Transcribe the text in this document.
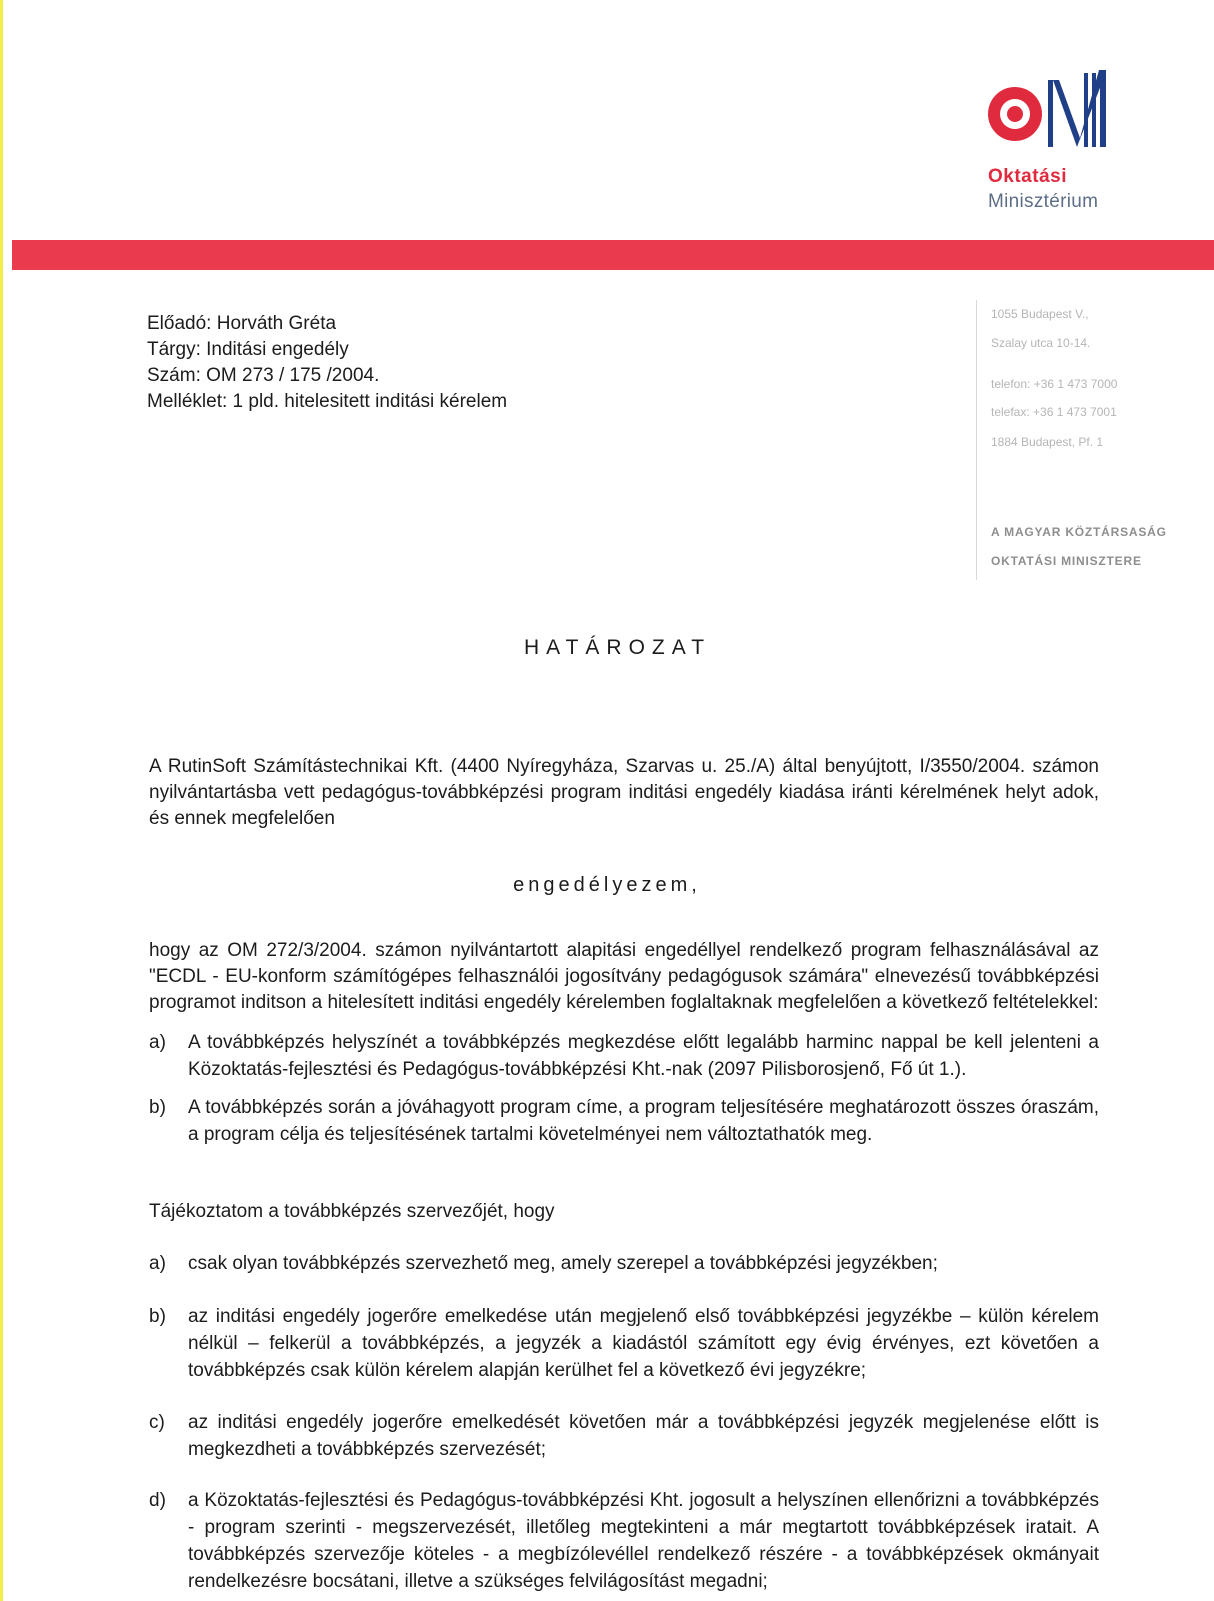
Oktatási
Minisztérium
Előadó: Horváth Gréta
Tárgy: Inditási engedély
Szám: OM 273 / 175 /2004.
Melléklet: 1 pld. hitelesitett inditási kérelem
1055 Budapest V.,
Szalay utca 10-14.
telefon: +36 1 473 7000
telefax: +36 1 473 7001
1884 Budapest, Pf. 1
A MAGYAR KÖZTÁRSASÁG
OKTATÁSI MINISZTERE
HATÁROZAT
A RutinSoft Számítástechnikai Kft. (4400 Nyíregyháza, Szarvas u. 25./A) által benyújtott, I/3550/2004. számon nyilvántartásba vett pedagógus-továbbképzési program inditási engedély kiadása iránti kérelmének helyt adok, és ennek megfelelően
engedélyezem,
hogy az OM 272/3/2004. számon nyilvántartott alapitási engedéllyel rendelkező program felhasználásával az "ECDL - EU-konform számítógépes felhasználói jogosítvány pedagógusok számára" elnevezésű továbbképzési programot inditson a hitelesített inditási engedély kérelemben foglaltaknak megfelelően a következő feltételekkel:
a) A továbbképzés helyszínét a továbbképzés megkezdése előtt legalább harminc nappal be kell jelenteni a Közoktatás-fejlesztési és Pedagógus-továbbképzési Kht.-nak (2097 Pilisborosjenő, Fő út 1.).
b) A továbbképzés során a jóváhagyott program címe, a program teljesítésére meghatározott összes óraszám, a program célja és teljesítésének tartalmi követelményei nem változtathatók meg.
Tájékoztatom a továbbképzés szervezőjét, hogy
a) csak olyan továbbképzés szervezhető meg, amely szerepel a továbbképzési jegyzékben;
b) az inditási engedély jogerőre emelkedése után megjelenő első továbbképzési jegyzékbe – külön kérelem nélkül – felkerül a továbbképzés, a jegyzék a kiadástól számított egy évig érvényes, ezt követően a továbbképzés csak külön kérelem alapján kerülhet fel a következő évi jegyzékre;
c) az inditási engedély jogerőre emelkedését követően már a továbbképzési jegyzék megjelenése előtt is megkezdheti a továbbképzés szervezését;
d) a Közoktatás-fejlesztési és Pedagógus-továbbképzési Kht. jogosult a helyszínen ellenőrizni a továbbképzés - program szerinti - megszervezését, illetőleg megtekinteni a már megtartott továbbképzések iratait. A továbbképzés szervezője köteles - a megbízólevéllel rendelkező részére - a továbbképzések okmányait rendelkezésre bocsátani, illetve a szükséges felvilágosítást megadni;
